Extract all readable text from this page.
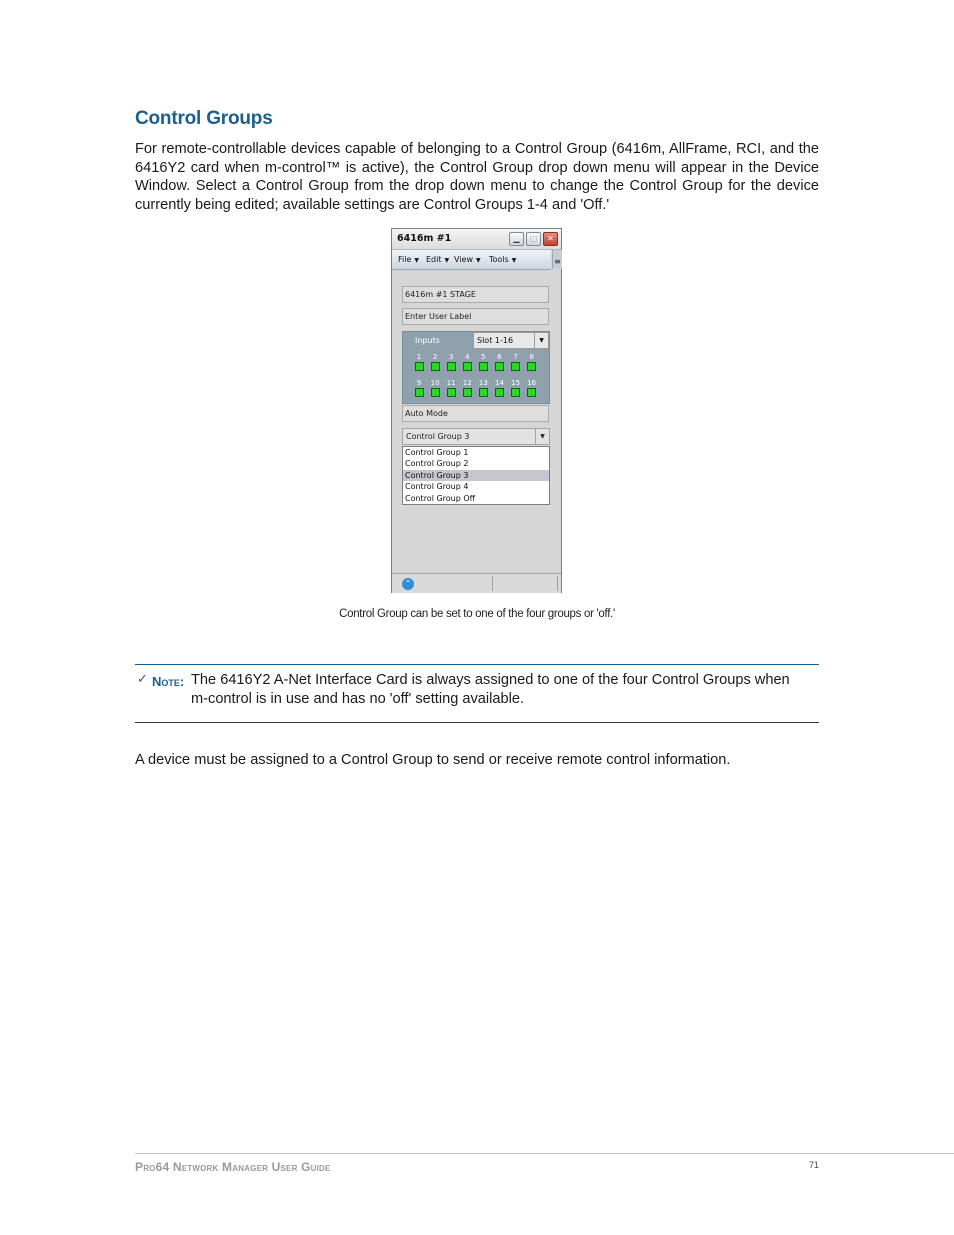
Control Groups

For remote-controllable devices capable of belonging to a Control Group (6416m, AllFrame, RCI, and the 6416Y2 card when m-control™ is active), the Control Group drop down menu will appear in the Device Window. Select a Control Group from the drop down menu to change the Control Group for the device currently being edited; available settings are Control Groups 1-4 and 'Off.'

6416m #1	▁	□	✕
File ▼ Edit ▼ View ▼ Tools ▼	≡
6416m #1 STAGE
Enter User Label
Inputs	Slot 1-16	▼
1	2	3	4	5	6	7	8
9	10	11	12	13	14	15	16
Auto Mode
Control Group 3	▼
Control Group 1
Control Group 2
Control Group 3
Control Group 4
Control Group Off
⌃
Control Group can be set to one of the four groups or 'off.'
✓ Note: The 6416Y2 A-Net Interface Card is always assigned to one of the four Control Groups when m-control is in use and has no 'off' setting available.

A device must be assigned to a Control Group to send or receive remote control information.

Pro64 Network Manager User Guide	71
